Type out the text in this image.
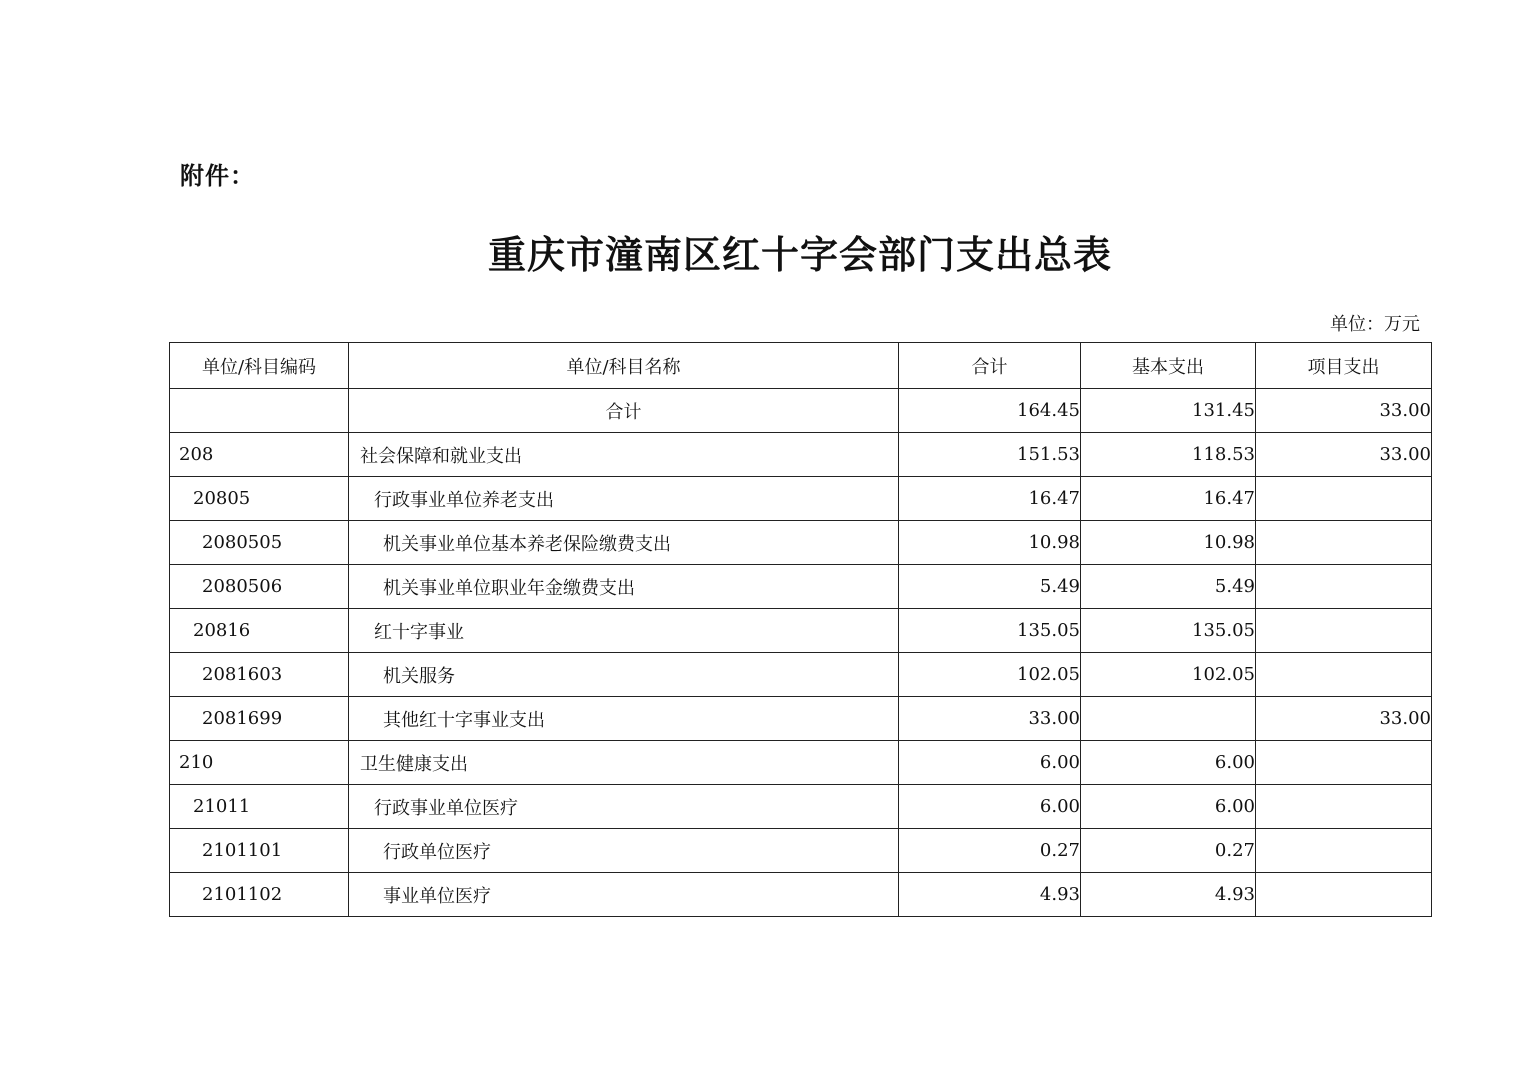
附件：
重庆市潼南区红十字会部门支出总表
单位：万元
单位/科目编码	单位/科目名称	合计	基本支出	项目支出
	合计	164.45	131.45	33.00
208	社会保障和就业支出	151.53	118.53	33.00
20805	行政事业单位养老支出	16.47	16.47	
2080505	机关事业单位基本养老保险缴费支出	10.98	10.98	
2080506	机关事业单位职业年金缴费支出	5.49	5.49	
20816	红十字事业	135.05	135.05	
2081603	机关服务	102.05	102.05	
2081699	其他红十字事业支出	33.00		33.00
210	卫生健康支出	6.00	6.00	
21011	行政事业单位医疗	6.00	6.00	
2101101	行政单位医疗	0.27	0.27	
2101102	事业单位医疗	4.93	4.93	
